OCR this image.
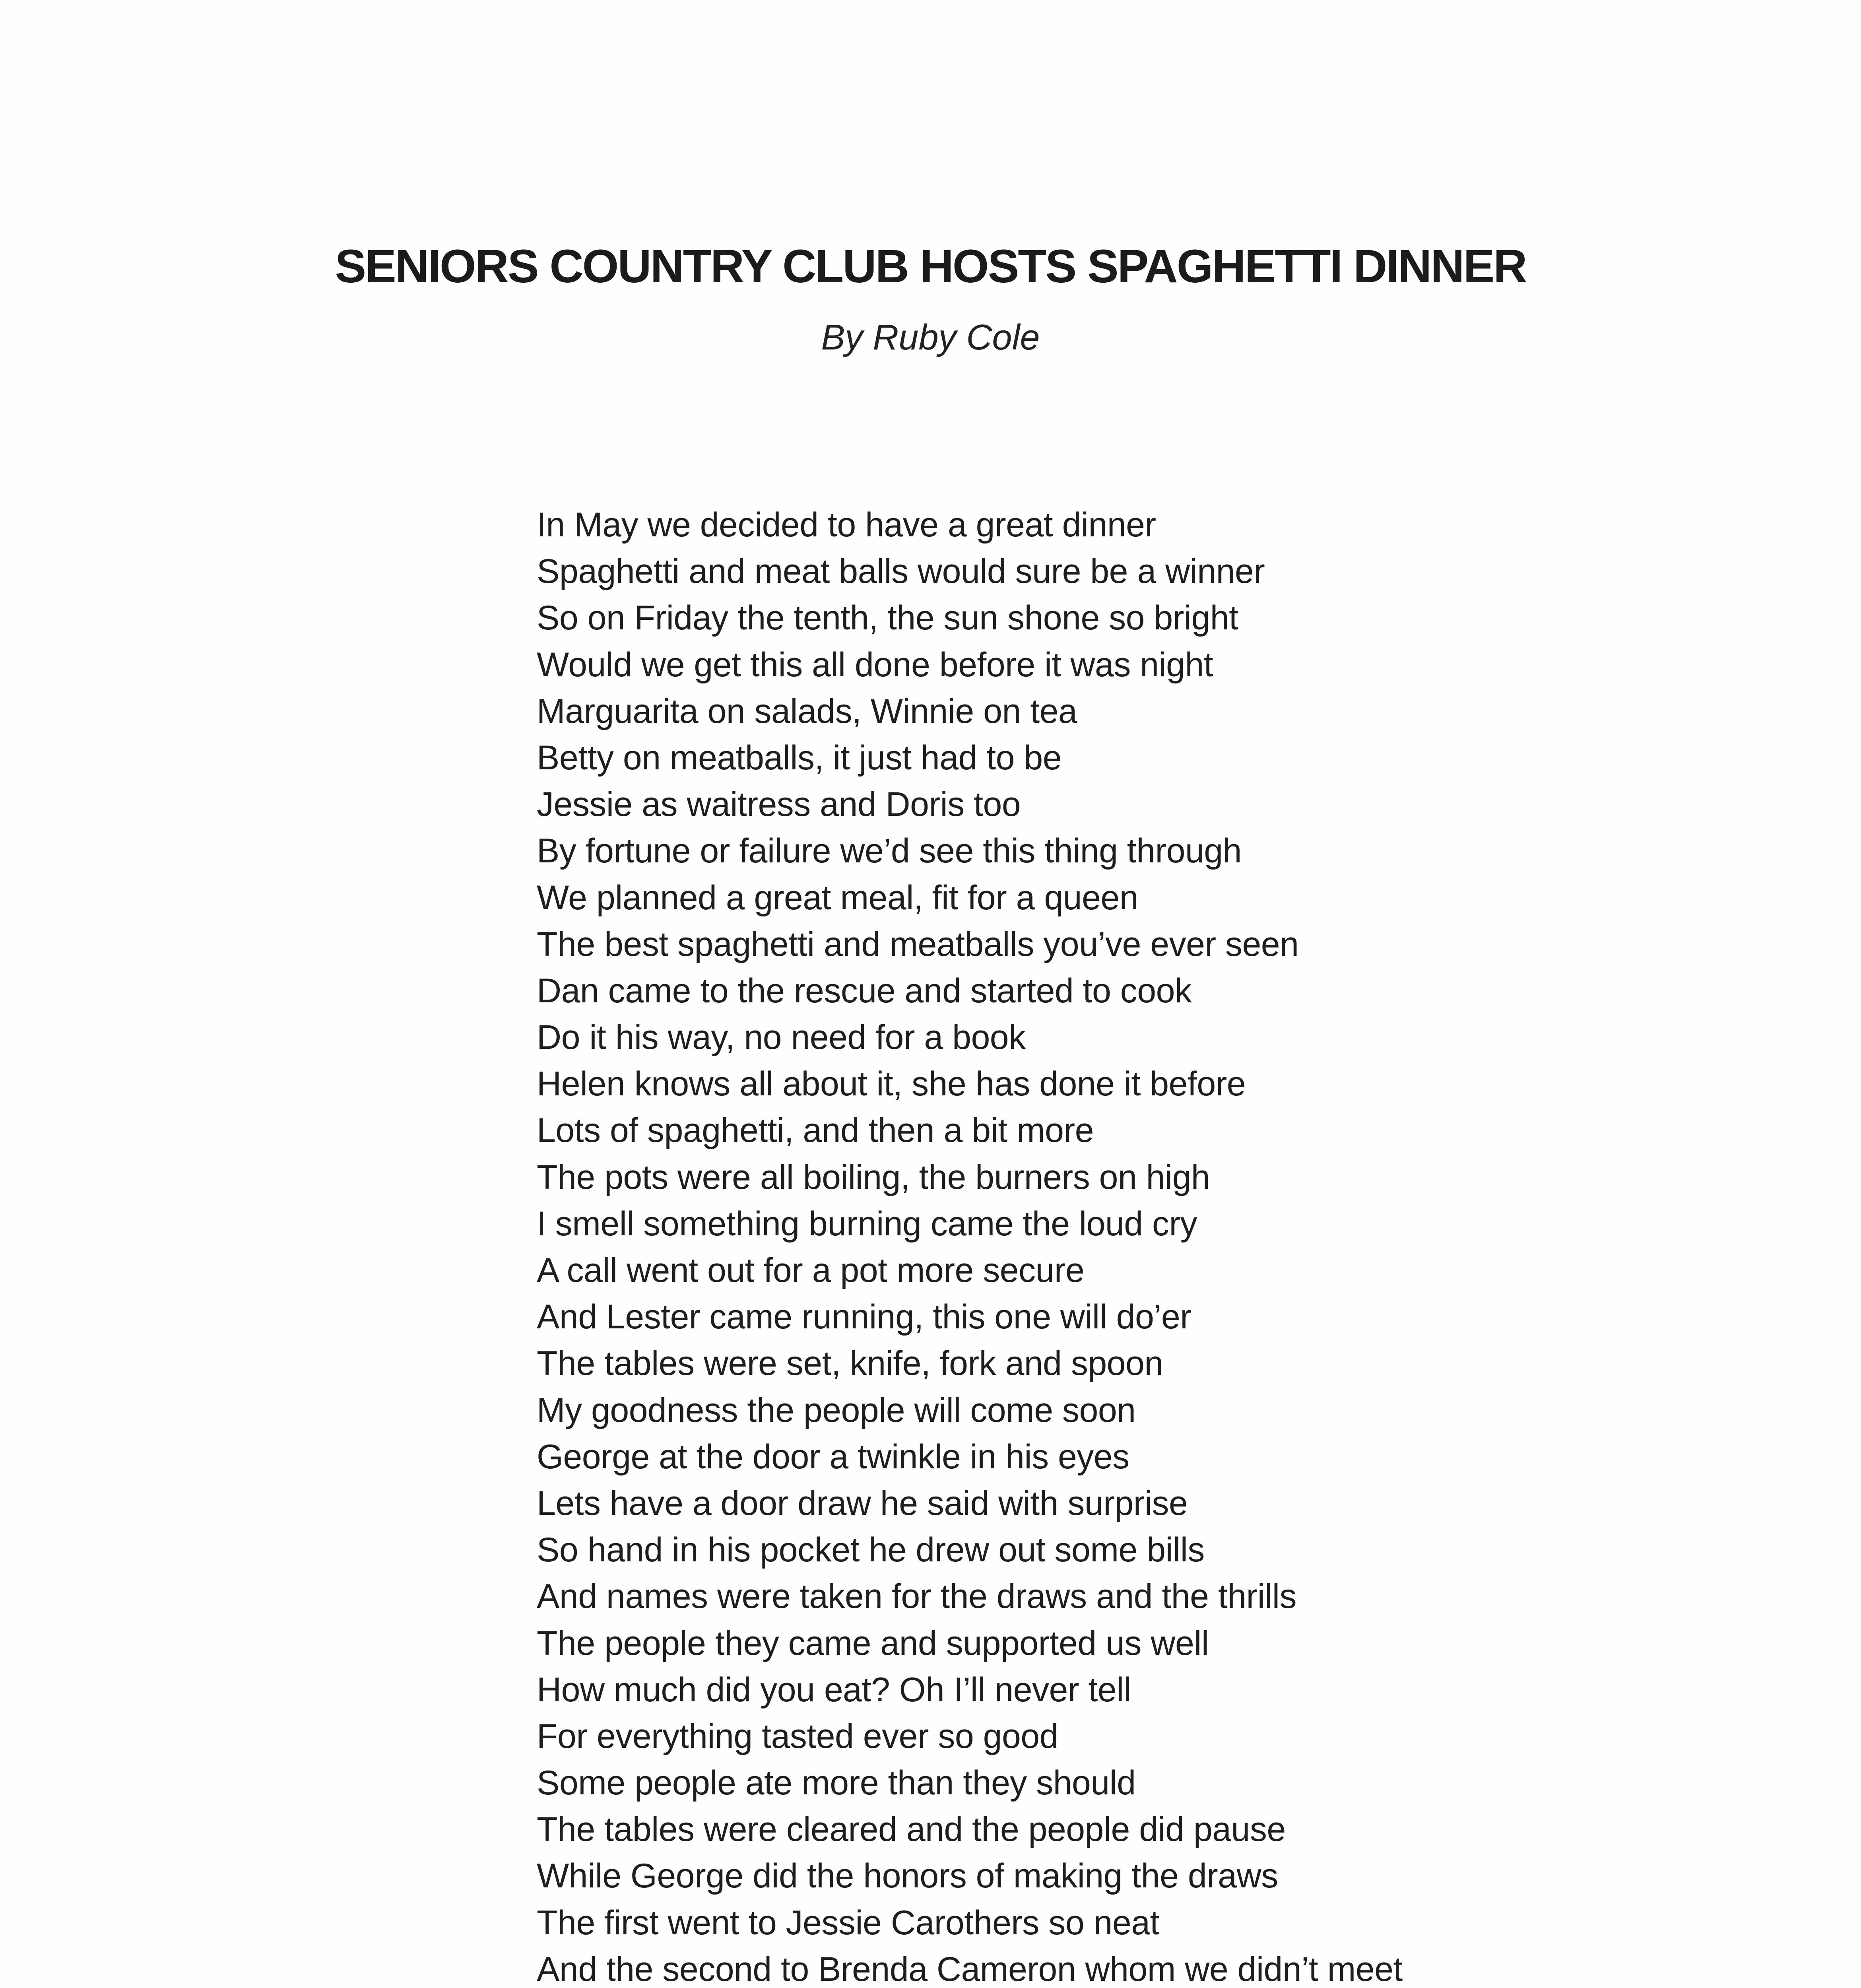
SENIORS COUNTRY CLUB HOSTS SPAGHETTI DINNER

By Ruby Cole

In May we decided to have a great dinner
Spaghetti and meat balls would sure be a winner
So on Friday the tenth, the sun shone so bright
Would we get this all done before it was night
Marguarita on salads, Winnie on tea
Betty on meatballs, it just had to be
Jessie as waitress and Doris too
By fortune or failure we’d see this thing through
We planned a great meal, fit for a queen
The best spaghetti and meatballs you’ve ever seen
Dan came to the rescue and started to cook
Do it his way, no need for a book
Helen knows all about it, she has done it before
Lots of spaghetti, and then a bit more
The pots were all boiling, the burners on high
I smell something burning came the loud cry
A call went out for a pot more secure
And Lester came running, this one will do’er
The tables were set, knife, fork and spoon
My goodness the people will come soon
George at the door a twinkle in his eyes
Lets have a door draw he said with surprise
So hand in his pocket he drew out some bills
And names were taken for the draws and the thrills
The people they came and supported us well
How much did you eat? Oh I’ll never tell
For everything tasted ever so good
Some people ate more than they should
The tables were cleared and the people did pause
While George did the honors of making the draws
The first went to Jessie Carothers so neat
And the second to Brenda Cameron whom we didn’t meet
